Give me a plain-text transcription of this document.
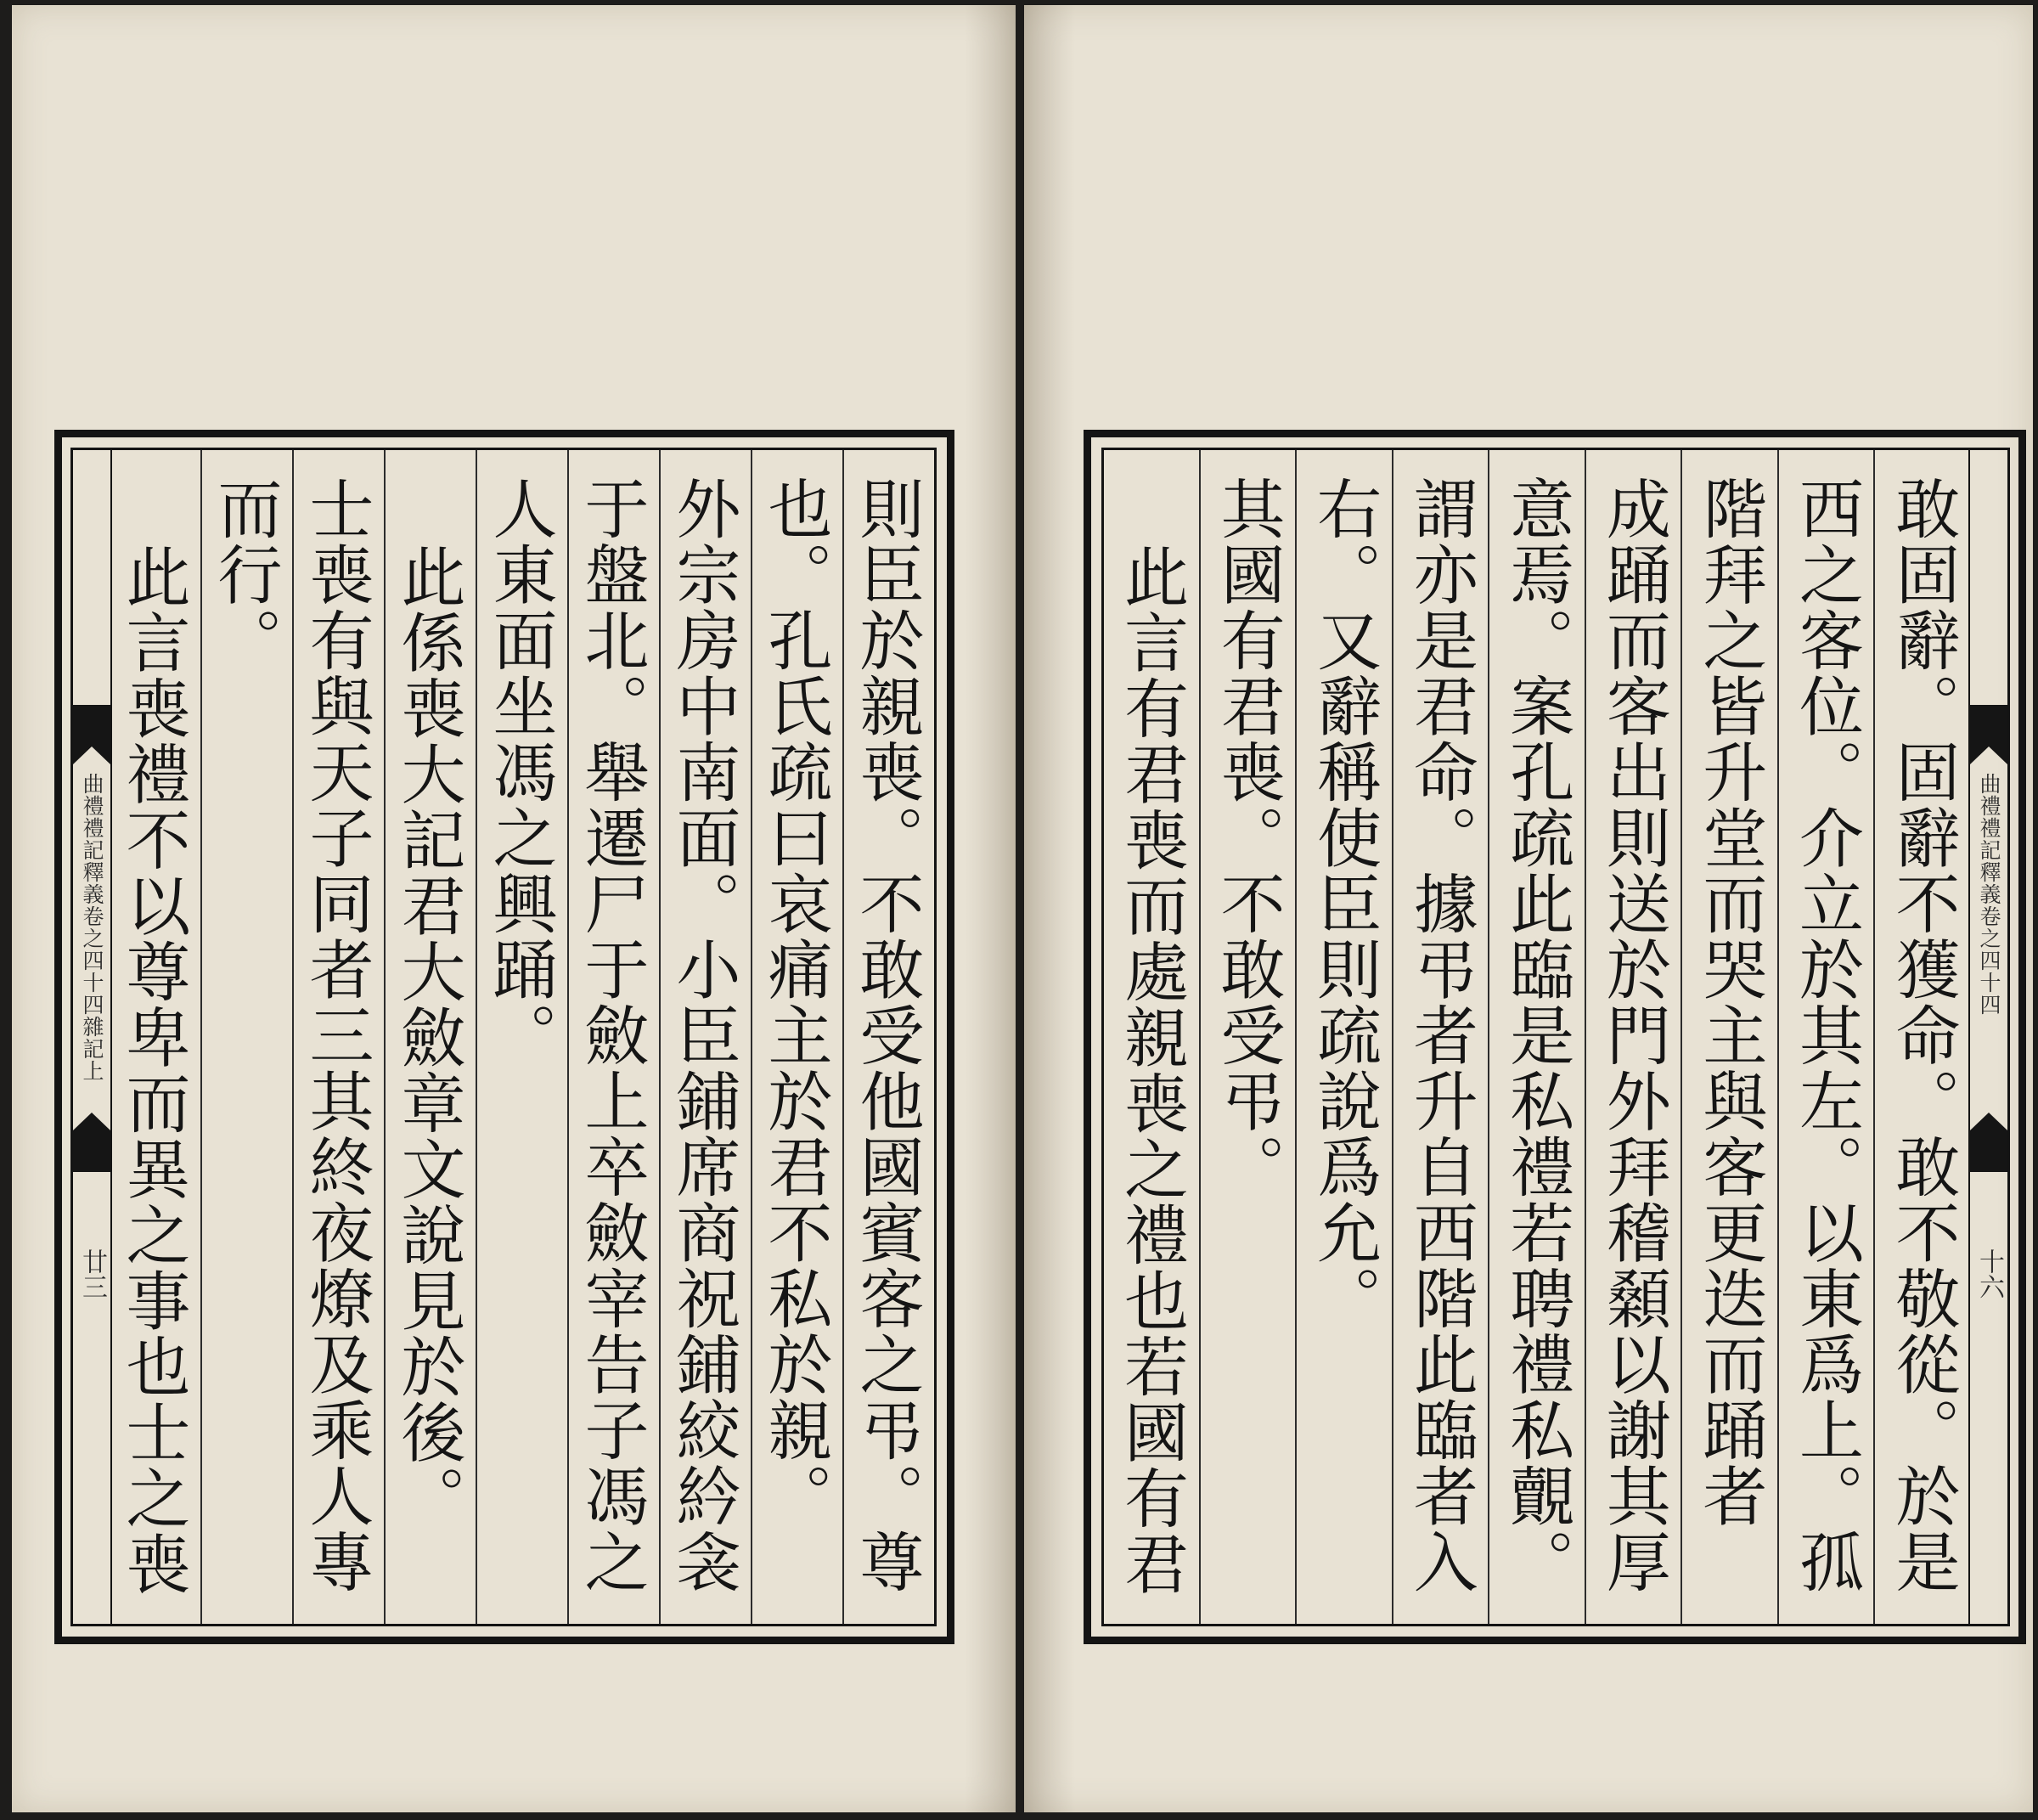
曲禮禮記釋義卷之四十四雜記上
廿三
則臣於親喪。不敢受他國賓客之弔。尊
也。孔氏疏曰哀痛主於君不私於親。
外宗房中南面。小臣鋪席商祝鋪絞紟衾
于盤北。舉遷尸于斂上卒斂宰告子馮之
人東面坐馮之興踊。
此係喪大記君大斂章文說見於後。
士喪有與天子同者三其終夜燎及乘人專
而行。
此言喪禮不以尊卑而異之事也士之喪
敢固辭。固辭不獲命。敢不敬從。於是
西之客位。介立於其左。以東爲上。孤
階拜之皆升堂而哭主與客更迭而踊者
成踊而客出則送於門外拜稽顙以謝其厚
意焉。案孔疏此臨是私禮若聘禮私覿。
謂亦是君命。據弔者升自西階此臨者入
右。又辭稱使臣則疏說爲允。
其國有君喪。不敢受弔。
此言有君喪而處親喪之禮也若國有君
曲禮禮記釋義卷之四十四
十六
